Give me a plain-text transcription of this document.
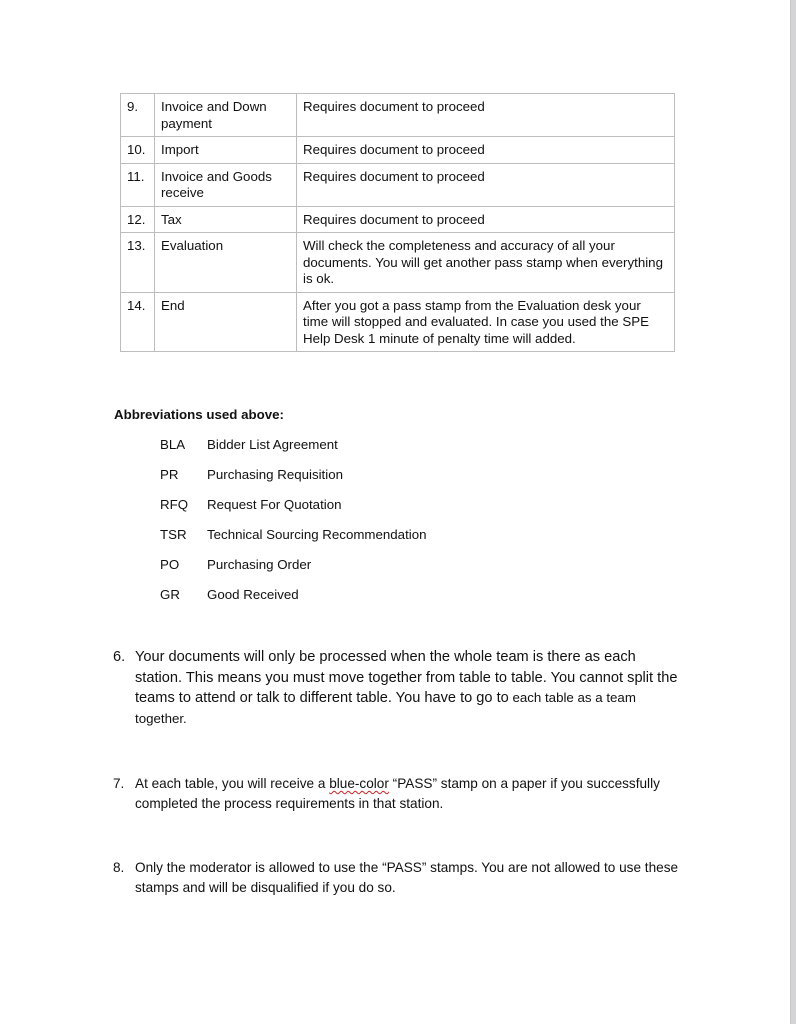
9.	Invoice and Down payment	Requires document to proceed
10.	Import	Requires document to proceed
11.	Invoice and Goods receive	Requires document to proceed
12.	Tax	Requires document to proceed
13.	Evaluation	Will check the completeness and accuracy of all your documents. You will get another pass stamp when everything is ok.
14.	End	After you got a pass stamp from the Evaluation desk your time will stopped and evaluated. In case you used the SPE Help Desk 1 minute of penalty time will added.
Abbreviations used above:
BLA	Bidder List Agreement
PR	Purchasing Requisition
RFQ	Request For Quotation
TSR	Technical Sourcing Recommendation
PO	Purchasing Order
GR	Good Received
6. Your documents will only be processed when the whole team is there as each station. This means you must move together from table to table. You cannot split the teams to attend or talk to different table. You have to go to each table as a team together.
7. At each table, you will receive a blue-color “PASS” stamp on a paper if you successfully completed the process requirements in that station.
8. Only the moderator is allowed to use the “PASS” stamps. You are not allowed to use these stamps and will be disqualified if you do so.
